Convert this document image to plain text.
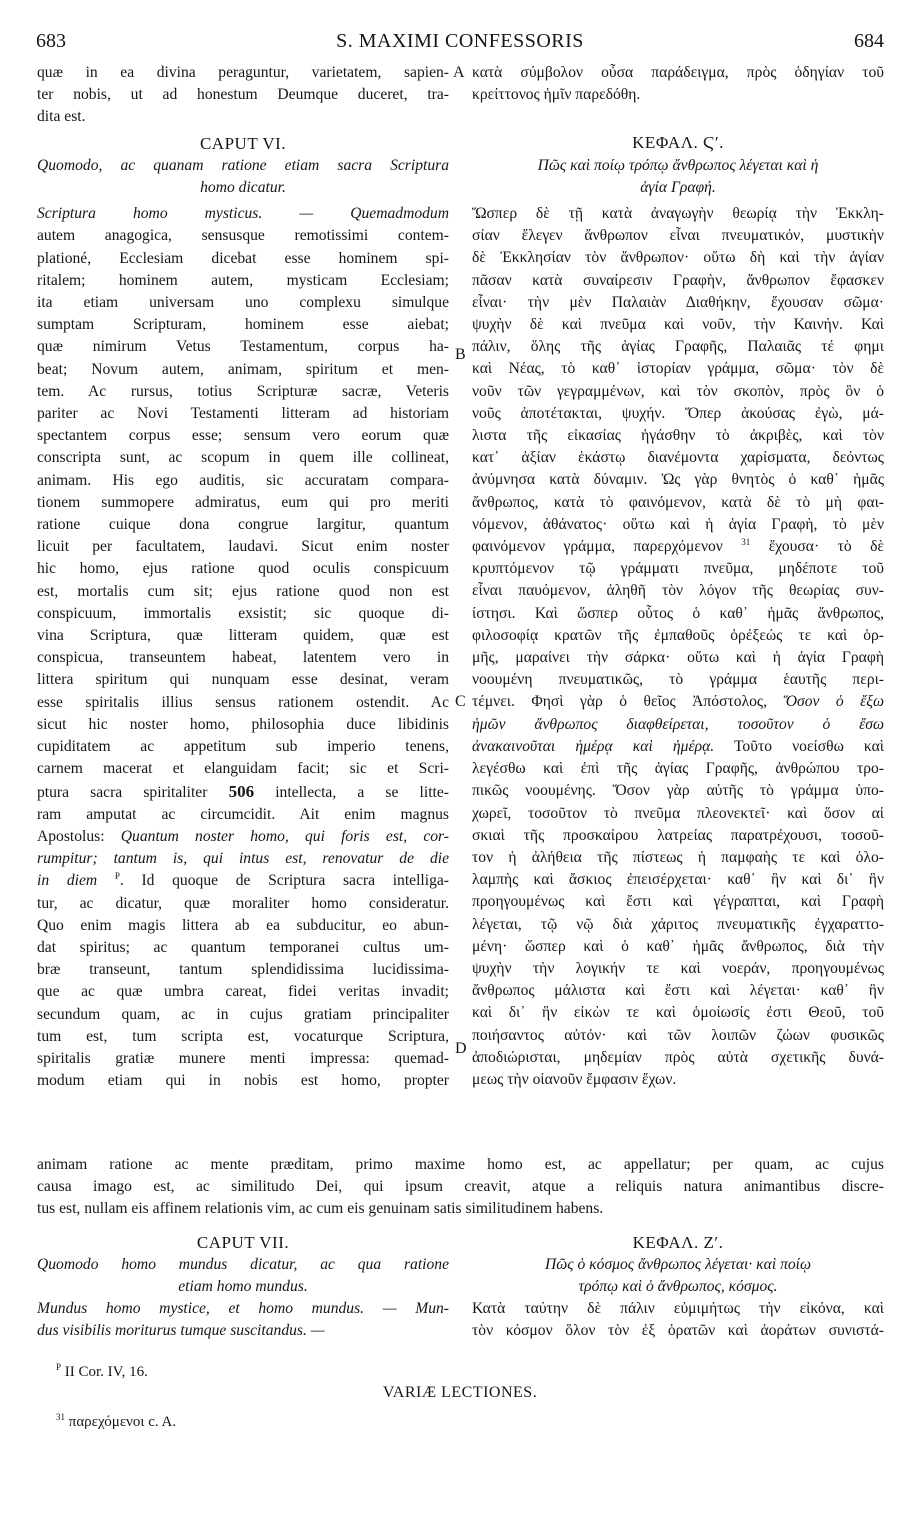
683	S. MAXIMI CONFESSORIS	684
quæ in ea divina peraguntur, varietatem, sapien-
ter nobis, ut ad honestum Deumque duceret, tra-
dita est.
CAPUT VI.
Quomodo, ac quanam ratione etiam sacra Scriptura
homo dicatur.
Scriptura homo mysticus. — Quemadmodum
autem anagogica, sensusque remotissimi contem-
plationé, Ecclesiam dicebat esse hominem spi-
ritalem; hominem autem, mysticam Ecclesiam;
ita etiam universam uno complexu simulque
sumptam Scripturam, hominem esse aiebat;
quæ nimirum Vetus Testamentum, corpus ha-
beat; Novum autem, animam, spiritum et men-
tem. Ac rursus, totius Scripturæ sacræ, Veteris
pariter ac Novi Testamenti litteram ad historiam
spectantem corpus esse; sensum vero eorum quæ
conscripta sunt, ac scopum in quem ille collineat,
animam. His ego auditis, sic accuratam compara-
tionem summopere admiratus, eum qui pro meriti
ratione cuique dona congrue largitur, quantum
licuit per facultatem, laudavi. Sicut enim noster
hic homo, ejus ratione quod oculis conspicuum
est, mortalis cum sit; ejus ratione quod non est
conspicuum, immortalis exsistit; sic quoque di-
vina Scriptura, quæ litteram quidem, quæ est
conspicua, transeuntem habeat, latentem vero in
littera spiritum qui nunquam esse desinat, veram
esse spiritalis illius sensus rationem ostendit. Ac
sicut hic noster homo, philosophia duce libidinis
cupiditatem ac appetitum sub imperio tenens,
carnem macerat et elanguidam facit; sic et Scri-
ptura sacra spiritaliter 506 intellecta, a se litte-
ram amputat ac circumcidit. Ait enim magnus
Apostolus: Quantum noster homo, qui foris est, cor-
rumpitur; tantum is, qui intus est, renovatur de die
in diem $^P$. Id quoque de Scriptura sacra intelliga-
tur, ac dicatur, quæ moraliter homo consideratur.
Quo enim magis littera ab ea subducitur, eo abun-
dat spiritus; ac quantum temporanei cultus um-
bræ transeunt, tantum splendidissima lucidissima-
que ac quæ umbra careat, fidei veritas invadit;
secundum quam, ac in cujus gratiam principaliter
tum est, tum scripta est, vocaturque Scriptura,
spiritalis gratiæ munere menti impressa: quemad-
modum etiam qui in nobis est homo, propter
A
B
C
D
κατὰ σύμβολον οὖσα παράδειγμα, πρὸς ὁδηγίαν τοῦ
κρείττονος ἡμῖν παρεδόθη.
ΚΕΦΑΛ. Ϛʹ.
Πῶς καὶ ποίῳ τρόπῳ ἄνθρωπος λέγεται καὶ ἡ
ἁγία Γραφή.
Ὥσπερ δὲ τῇ κατὰ ἀναγωγὴν θεωρίᾳ τὴν Ἐκκλη-
σίαν ἔλεγεν ἄνθρωπον εἶναι πνευματικόν, μυστικὴν
δὲ Ἐκκλησίαν τὸν ἄνθρωπον· οὕτω δὴ καὶ τὴν ἁγίαν
πᾶσαν κατὰ συναίρεσιν Γραφὴν, ἄνθρωπον ἔφασκεν
εἶναι· τὴν μὲν Παλαιὰν Διαθήκην, ἔχουσαν σῶμα·
ψυχὴν δὲ καὶ πνεῦμα καὶ νοῦν, τὴν Καινήν. Καὶ
πάλιν, ὅλης τῆς ἁγίας Γραφῆς, Παλαιᾶς τέ φημι
καὶ Νέας, τὸ καθ᾽ ἱστορίαν γράμμα, σῶμα· τὸν δὲ
νοῦν τῶν γεγραμμένων, καὶ τὸν σκοπὸν, πρὸς ὃν ὁ
νοῦς ἀποτέτακται, ψυχήν. Ὅπερ ἀκούσας ἐγὼ, μά-
λιστα τῆς εἰκασίας ἠγάσθην τὸ ἀκριβὲς, καὶ τὸν
κατ᾽ ἀξίαν ἑκάστῳ διανέμοντα χαρίσματα, δεόντως
ἀνύμνησα κατὰ δύναμιν. Ὡς γὰρ θνητὸς ὁ καθ᾽ ἡμᾶς
ἄνθρωπος, κατὰ τὸ φαινόμενον, κατὰ δὲ τὸ μὴ φαι-
νόμενον, ἀθάνατος· οὕτω καὶ ἡ ἁγία Γραφὴ, τὸ μὲν
φαινόμενον γράμμα, παρερχόμενον $^{31}$ ἔχουσα· τὸ δὲ
κρυπτόμενον τῷ γράμματι πνεῦμα, μηδέποτε τοῦ
εἶναι παυόμενον, ἀληθῆ τὸν λόγον τῆς θεωρίας συν-
ίστησι. Καὶ ὥσπερ οὗτος ὁ καθ᾽ ἡμᾶς ἄνθρωπος,
φιλοσοφίᾳ κρατῶν τῆς ἐμπαθοῦς ὀρέξεώς τε καὶ ὁρ-
μῆς, μαραίνει τὴν σάρκα· οὕτω καὶ ἡ ἁγία Γραφὴ
νοουμένη πνευματικῶς, τὸ γράμμα ἑαυτῆς περι-
τέμνει. Φησὶ γὰρ ὁ θεῖος Ἀπόστολος, Ὅσον ὁ ἔξω
ἡμῶν ἄνθρωπος διαφθείρεται, τοσοῦτον ὁ ἔσω
ἀνακαινοῦται ἡμέρᾳ καὶ ἡμέρᾳ. Τοῦτο νοείσθω καὶ
λεγέσθω καὶ ἐπὶ τῆς ἁγίας Γραφῆς, ἀνθρώπου τρο-
πικῶς νοουμένης. Ὅσον γὰρ αὐτῆς τὸ γράμμα ὑπο-
χωρεῖ, τοσοῦτον τὸ πνεῦμα πλεονεκτεῖ· καὶ ὅσον αἱ
σκιαὶ τῆς προσκαίρου λατρείας παρατρέχουσι, τοσοῦ-
τον ἡ ἀλήθεια τῆς πίστεως ἡ παμφαὴς τε καὶ ὁλο-
λαμπὴς καὶ ἄσκιος ἐπεισέρχεται· καθ᾽ ἣν καὶ δι᾽ ἣν
προηγουμένως καὶ ἔστι καὶ γέγραπται, καὶ Γραφὴ
λέγεται, τῷ νῷ διὰ χάριτος πνευματικῆς ἐγχαραττο-
μένη· ὥσπερ καὶ ὁ καθ᾽ ἡμᾶς ἄνθρωπος, διὰ τὴν
ψυχὴν τὴν λογικήν τε καὶ νοεράν, προηγουμένως
ἄνθρωπος μάλιστα καὶ ἔστι καὶ λέγεται· καθ᾽ ἣν
καὶ δι᾽ ἣν εἰκὼν τε καὶ ὁμοίωσίς ἐστι Θεοῦ, τοῦ
ποιήσαντος αὐτόν· καὶ τῶν λοιπῶν ζώων φυσικῶς
ἀποδιώρισται, μηδεμίαν πρὸς αὐτὰ σχετικῆς δυνά-
μεως τὴν οἱανοῦν ἔμφασιν ἔχων.
animam ratione ac mente præditam, primo maxime homo est, ac appellatur; per quam, ac cujus
causa imago est, ac similitudo Dei, qui ipsum creavit, atque a reliquis natura animantibus discre-
tus est, nullam eis affinem relationis vim, ac cum eis genuinam satis similitudinem habens.
CAPUT VII.
Quomodo homo mundus dicatur, ac qua ratione
etiam homo mundus.
Mundus homo mystice, et homo mundus. — Mun-
dus visibilis moriturus tumque suscitandus. —
ΚΕΦΑΛ. Ζʹ.
Πῶς ὁ κόσμος ἄνθρωπος λέγεται· καὶ ποίῳ
τρόπῳ καὶ ὁ ἄνθρωπος, κόσμος.
Κατὰ ταύτην δὲ πάλιν εὐμιμήτως τὴν εἰκόνα, καὶ
τὸν κόσμον ὅλον τὸν ἐξ ὁρατῶν καὶ ἀοράτων συνιστά-
$^P$ II Cor. IV, 16.
VARIÆ LECTIONES.
$^{31}$ παρεχόμενοι c. A.
